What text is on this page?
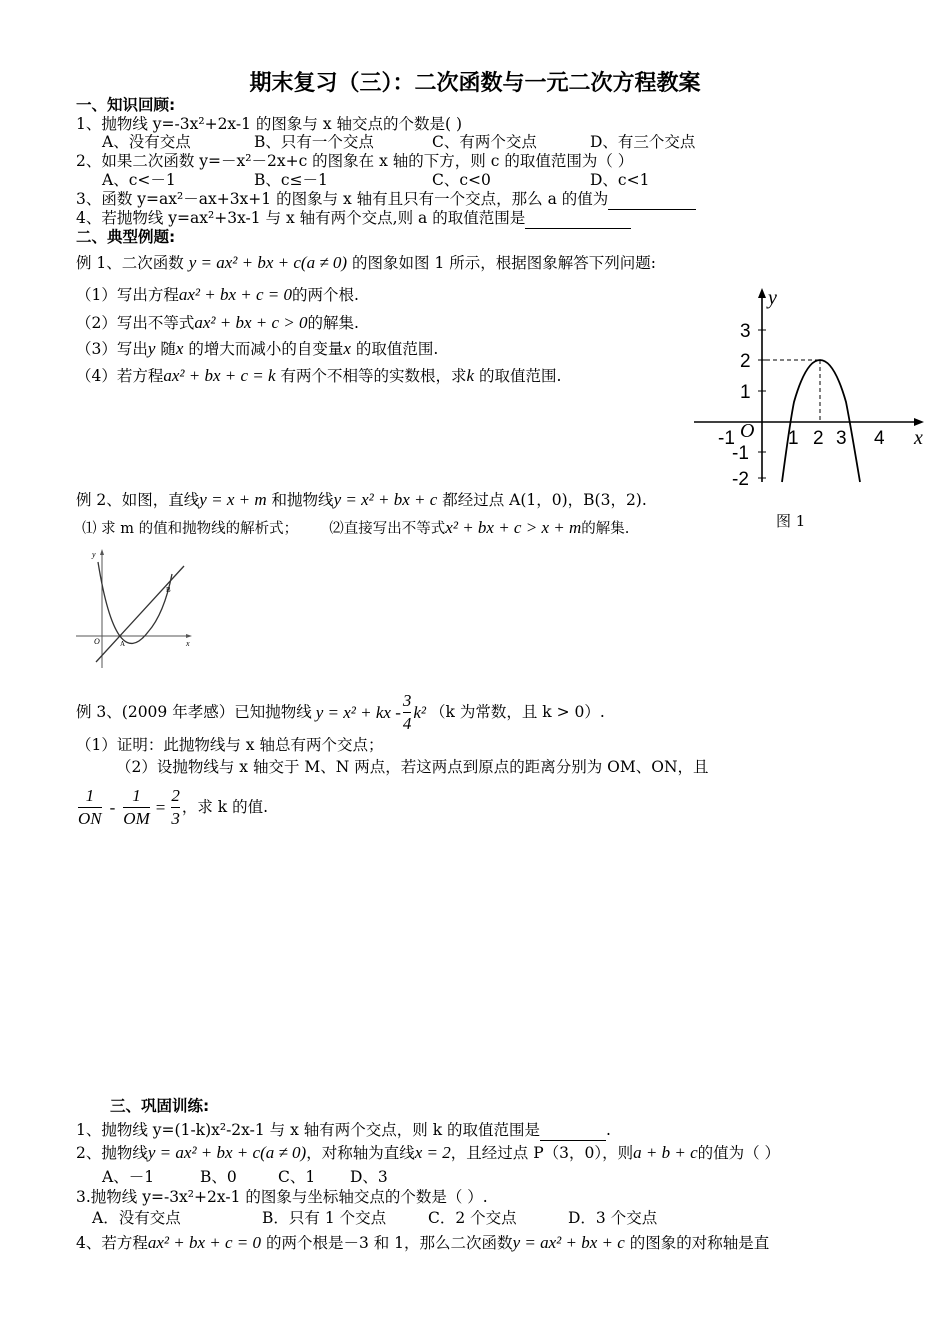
期末复习（三）：二次函数与一元二次方程教案
一、知识回顾:
1、抛物线 y=-3x²+2x-1 的图象与 x 轴交点的个数是( )
A、没有交点	B、只有一个交点	C、有两个交点	D、有三个交点
2、如果二次函数 y=－x²－2x+c 的图象在 x 轴的下方，则 c 的取值范围为（ ）
A、c<－1	B、c≤－1	C、c<0	D、c<1
3、函数 y=ax²－ax+3x+1 的图象与 x 轴有且只有一个交点，那么 a 的值为
4、若抛物线 y=ax²+3x-1 与 x 轴有两个交点,则 a 的取值范围是
二、典型例题:
例 1、二次函数 y = ax² + bx + c(a ≠ 0) 的图象如图 1 所示，根据图象解答下列问题:
（1）写出方程ax² + bx + c = 0的两个根.
（2）写出不等式ax² + bx + c > 0的解集.
（3）写出y 随x 的增大而减小的自变量x 的取值范围.
（4）若方程ax² + bx + c = k 有两个不相等的实数根，求k 的取值范围.
y
x
O
-1	1 2 3 4
3
2
1
-1
-2
图 1
例 2、如图，直线y = x + m 和抛物线y = x² + bx + c 都经过点 A(1，0)，B(3，2).
⑴ 求 m 的值和抛物线的解析式； ⑵直接写出不等式x² + bx + c > x + m的解集.
y
x
O	A
B
例 3、(2009 年孝感）已知抛物线 y = x² + kx - $\frac{3}{4} k^2$ （k 为常数，且 k > 0）.
（1）证明：此抛物线与 x 轴总有两个交点；
（2）设抛物线与 x 轴交于 M、N 两点，若这两点到原点的距离分别为 OM、ON，且
$\frac{1}{ON} - \frac{1}{OM} = \frac{2}{3}$ ，求 k 的值.
三、巩固训练:
1、抛物线 y=(1-k)x²-2x-1 与 x 轴有两个交点，则 k 的取值范围是	.
2、抛物线y = ax² + bx + c(a ≠ 0)，对称轴为直线x = 2，且经过点 P（3，0），则a + b + c的值为（ ）
A、－1	B、0	C、1	D、3
3.抛物线 y=-3x²+2x-1 的图象与坐标轴交点的个数是（ ）.
A．没有交点	B．只有 1 个交点	C．2 个交点	D．3 个交点
4、若方程ax² + bx + c = 0 的两个根是－3 和 1，那么二次函数y = ax² + bx + c 的图象的对称轴是直
